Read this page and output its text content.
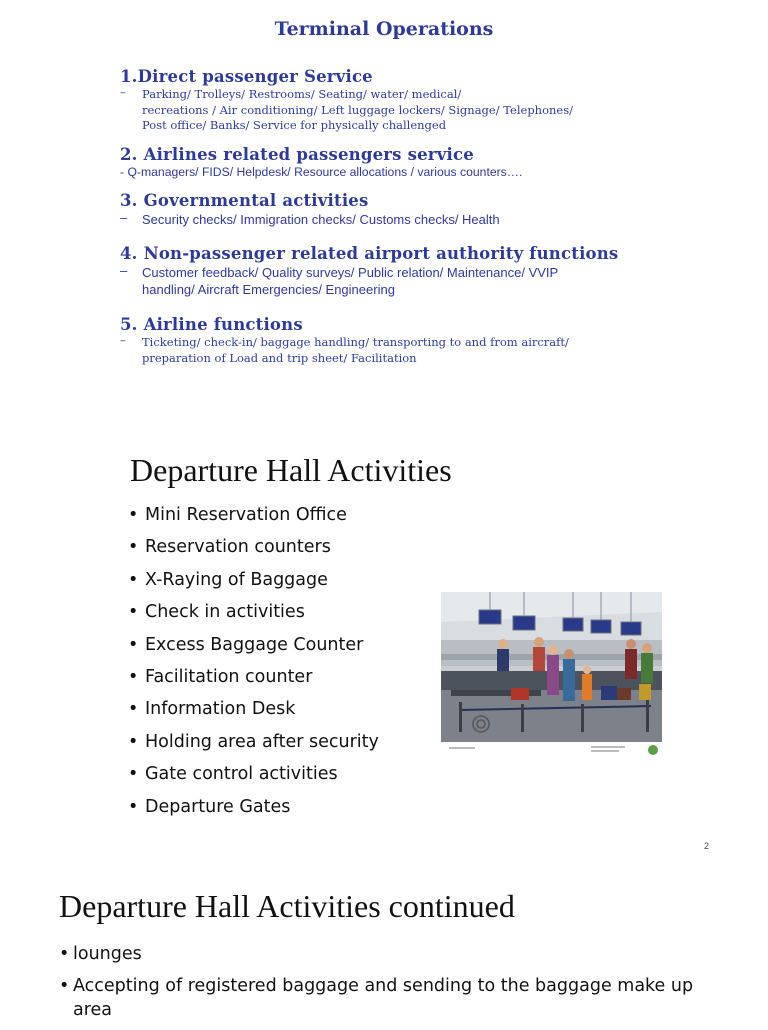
Terminal Operations
1.Direct passenger Service
– Parking/ Trolleys/ Restrooms/ Seating/ water/ medical/
recreations / Air conditioning/ Left luggage lockers/ Signage/ Telephones/
Post office/ Banks/ Service for physically challenged
2. Airlines related passengers service
- Q-managers/ FIDS/ Helpdesk/ Resource allocations / various counters….
3. Governmental activities
– Security checks/ Immigration checks/ Customs checks/ Health
4. Non-passenger related airport authority functions
– Customer feedback/ Quality surveys/ Public relation/ Maintenance/ VVIP
handling/ Aircraft Emergencies/ Engineering
5. Airline functions
– Ticketing/ check-in/ baggage handling/ transporting to and from aircraft/
preparation of Load and trip sheet/ Facilitation
Departure Hall Activities
• Mini Reservation Office
• Reservation counters
• X-Raying of Baggage
• Check in activities
• Excess Baggage Counter
• Facilitation counter
• Information Desk
• Holding area after security
• Gate control activities
• Departure Gates
2
Departure Hall Activities continued
• lounges
• Accepting of registered baggage and sending to the baggage make up area
